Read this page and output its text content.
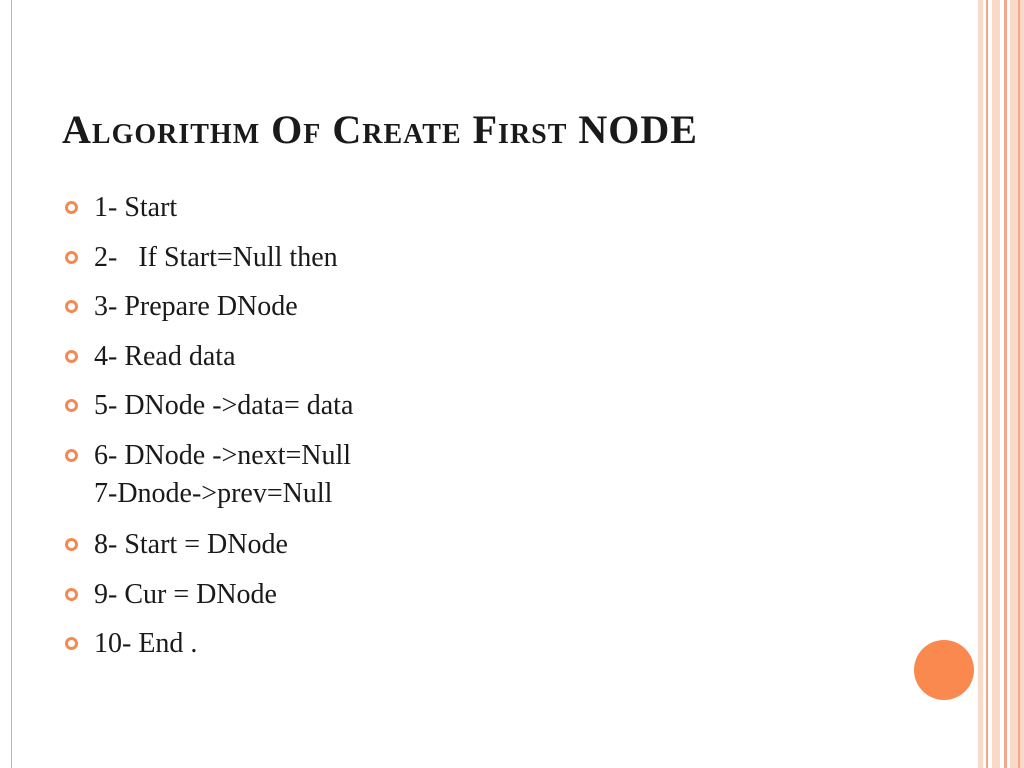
Algorithm Of Create First NODE
1- Start
2-   If Start=Null then
3- Prepare DNode
4- Read data
5- DNode ->data= data
6- DNode ->next=Null
7-Dnode->prev=Null
8- Start = DNode
9- Cur = DNode
10- End .
